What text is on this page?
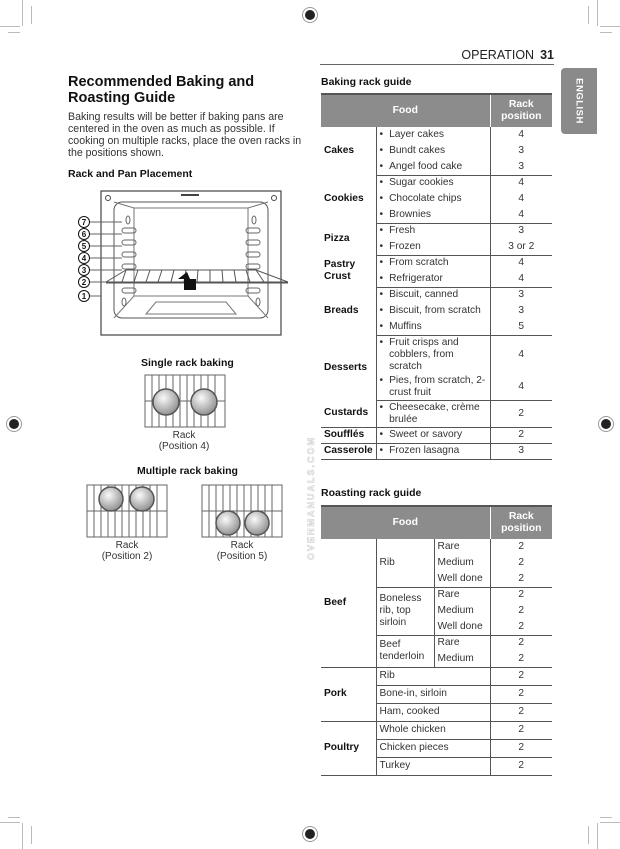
OPERATION 31
ENGLISH
Recommended Baking and Roasting Guide

Baking results will be better if baking pans are centered in the oven as much as possible. If cooking on multiple racks, place the oven racks in the positions shown.

Rack and Pan Placement

7
6
5
4
3
2
1

Single rack baking

Rack
(Position 4)

Multiple rack baking

Rack
(Position 2)
Rack
(Position 5)	OVENMANUALS.COM

Baking rack guide

Food		Rack position
Cakes	• Layer cakes	4

	• Bundt cakes	3

	• Angel food cake	3
Cookies	• Sugar cookies	4

	• Chocolate chips	4

	• Brownies	4
Pizza	• Fresh	3

	• Frozen	3 or 2
Pastry Crust	• From scratch	4

	• Refrigerator	4
Breads	• Biscuit, canned	3

	• Biscuit, from scratch	3

	• Muffins	5
Desserts	• Fruit crisps and cobblers, from scratch	4

	• Pies, from scratch, 2-crust fruit	4
Custards	• Cheesecake, crème brulée	2
Soufflés	• Sweet or savory	2
Casserole	• Frozen lasagna	3

Roasting rack guide

Food			Rack position
Beef	Rib	Rare	2
		Medium	2
		Well done	2
	Boneless rib, top sirloin	Rare	2
		Medium	2
		Well done	2
	Beef tenderloin	Rare	2
		Medium	2
Pork	Rib		2
	Bone-in, sirloin		2
	Ham, cooked		2
Poultry	Whole chicken		2
	Chicken pieces		2
	Turkey		2
